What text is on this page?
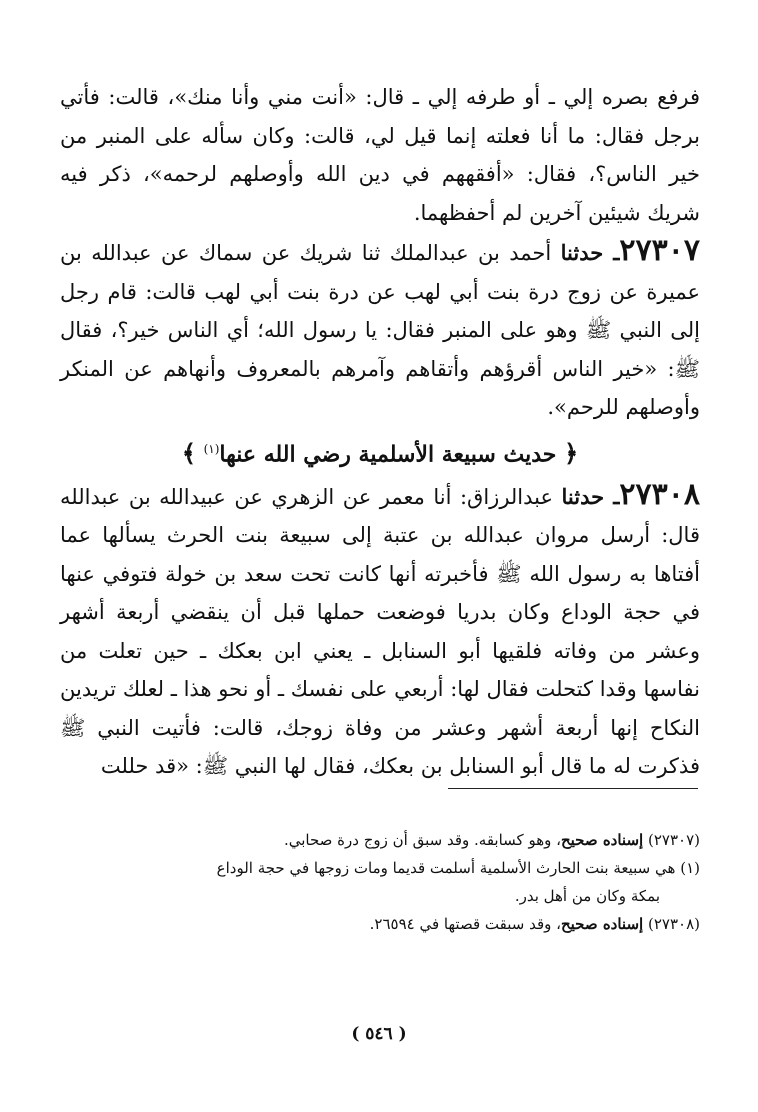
فرفع بصره إلي ـ أو طرفه إلي ـ قال: «أنت مني وأنا منك»، قالت: فأتي برجل فقال: ما أنا فعلته إنما قيل لي، قالت: وكان سأله على المنبر من خير الناس؟، فقال: «أفقههم في دين الله وأوصلهم لرحمه»، ذكر فيه شريك شيئين آخرين لم أحفظهما.

٢٧٣٠٧ـ حدثنا أحمد بن عبدالملك ثنا شريك عن سماك عن عبدالله بن عميرة عن زوج درة بنت أبي لهب عن درة بنت أبي لهب قالت: قام رجل إلى النبي ﷺ وهو على المنبر فقال: يا رسول الله؛ أي الناس خير؟، فقال ﷺ: «خير الناس أقرؤهم وأتقاهم وآمرهم بالمعروف وأنهاهم عن المنكر وأوصلهم للرحم».

﴿ حديث سبيعة الأسلمية رضي الله عنها$^{(١)}$ ﴾

٢٧٣٠٨ـ حدثنا عبدالرزاق: أنا معمر عن الزهري عن عبيدالله بن عبدالله قال: أرسل مروان عبدالله بن عتبة إلى سبيعة بنت الحرث يسألها عما أفتاها به رسول الله ﷺ فأخبرته أنها كانت تحت سعد بن خولة فتوفي عنها في حجة الوداع وكان بدريا فوضعت حملها قبل أن ينقضي أربعة أشهر وعشر من وفاته فلقيها أبو السنابل ـ يعني ابن بعكك ـ حين تعلت من نفاسها وقدا كتحلت فقال لها: أربعي على نفسك ـ أو نحو هذا ـ لعلك تريدين النكاح إنها أربعة أشهر وعشر من وفاة زوجك، قالت: فأتيت النبي ﷺ فذكرت له ما قال أبو السنابل بن بعكك، فقال لها النبي ﷺ: «قد حللت

(٢٧٣٠٧) إسناده صحيح، وهو كسابقه. وقد سبق أن زوج درة صحابي.

(١) هي سبيعة بنت الحارث الأسلمية أسلمت قديما ومات زوجها في حجة الوداع

بمكة وكان من أهل بدر.

(٢٧٣٠٨) إسناده صحيح، وقد سبقت قصتها في ٢٦٥٩٤.

( ٥٤٦ )
